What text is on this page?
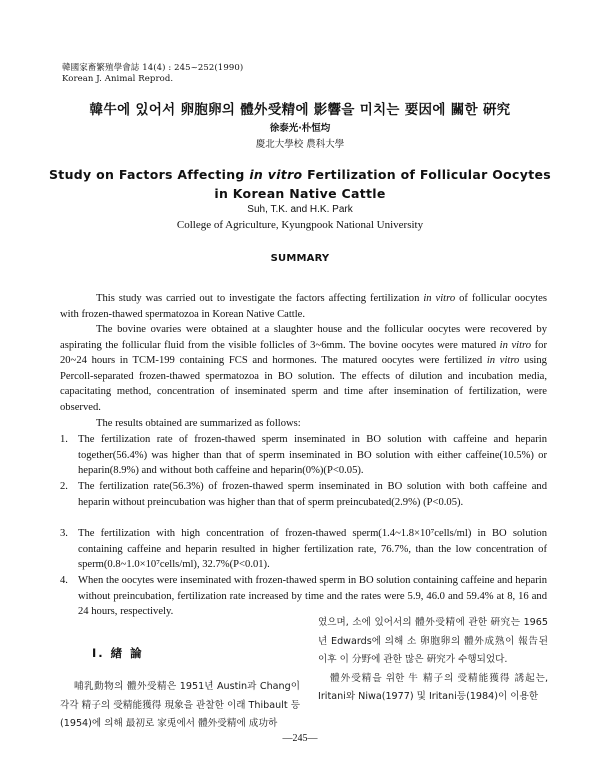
韓國家畜繁殖學會誌 14(4) : 245~252(1990)
Korean J. Animal Reprod.
韓牛에 있어서 卵胞卵의 體外受精에 影響을 미치는 要因에 關한 硏究
徐泰光·朴恒均
慶北大學校 農科大學
Study on Factors Affecting in vitro Fertilization of Follicular Oocytes in Korean Native Cattle
Suh, T.K. and H.K. Park
College of Agriculture, Kyungpook National University
SUMMARY
This study was carried out to investigate the factors affecting fertilization in vitro of follicular oocytes with frozen-thawed spermatozoa in Korean Native Cattle.
The bovine ovaries were obtained at a slaughter house and the follicular oocytes were recovered by aspirating the follicular fluid from the visible follicles of 3~6mm. The bovine oocytes were matured in vitro for 20~24 hours in TCM-199 containing FCS and hormones. The matured oocytes were fertilized in vitro using Percoll-separated frozen-thawed spermatozoa in BO solution. The effects of dilution and incubation media, capacitating method, concentration of inseminated sperm and time after insemination of fertilization, were observed.
The results obtained are summarized as follows:
1. The fertilization rate of frozen-thawed sperm inseminated in BO solution with caffeine and heparin together(56.4%) was higher than that of sperm inseminated in BO solution with either caffeine(10.5%) or heparin(8.9%) and without both caffeine and heparin(0%)(P<0.05).
2. The fertilization rate(56.3%) of frozen-thawed sperm inseminated in BO solution with both caffeine and heparin without preincubation was higher than that of sperm preincubated(2.9%) (P<0.05).
3. The fertilization with high concentration of frozen-thawed sperm(1.4~1.8×10⁷cells/ml) in BO solution containing caffeine and heparin resulted in higher fertilization rate, 76.7%, than the low concentration of sperm(0.8~1.0×10⁷cells/ml), 32.7%(P<0.01).
4. When the oocytes were inseminated with frozen-thawed sperm in BO solution containing caffeine and heparin without preincubation, fertilization rate increased by time and the rates were 5.9, 46.0 and 59.4% at 8, 16 and 24 hours, respectively.
Ⅰ. 緖 論
哺乳動物의 體外受精은 1951년 Austin과 Chang이 각각 精子의 受精能獲得 現象을 관찰한 이래 Thibault 등(1954)에 의해 最初로 家兎에서 體外受精에 成功하
였으며, 소에 있어서의 體外受精에 관한 硏究는 1965년 Edwards에 의해 소 卵胞卵의 體外成熟이 報告된 이후 이 分野에 관한 많은 硏究가 수행되었다.
體外受精을 위한 牛 精子의 受精能獲得 誘起는, Iritani와 Niwa(1977) 및 Iritani등(1984)이 이용한
—245—
